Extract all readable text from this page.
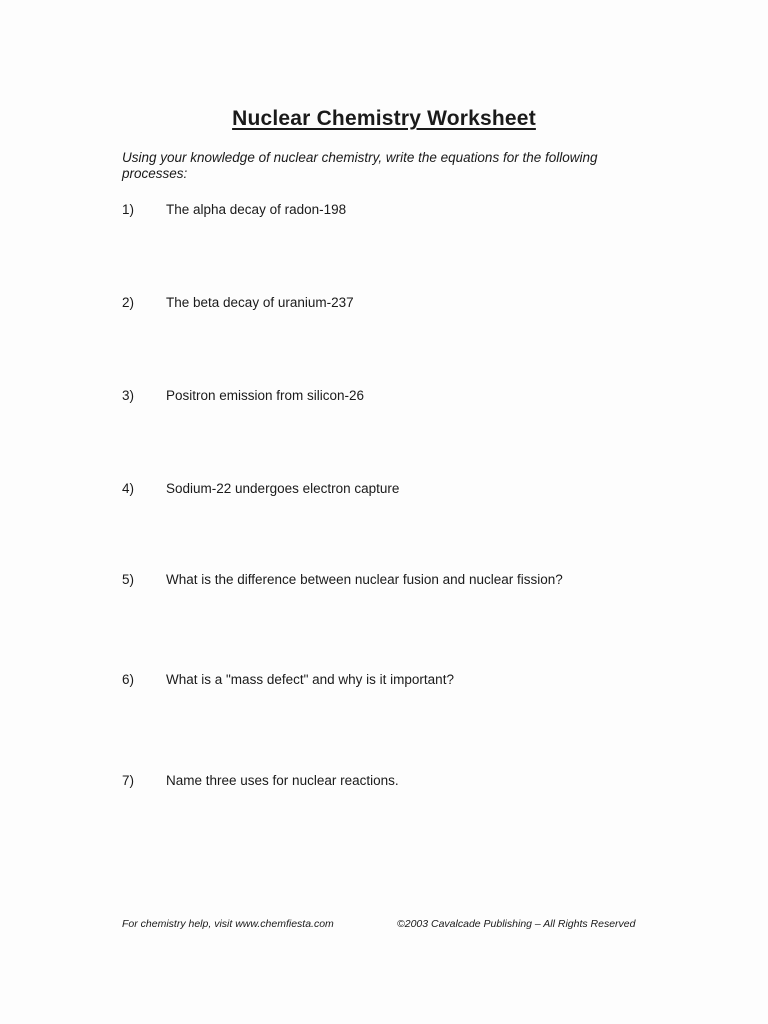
Nuclear Chemistry Worksheet
Using your knowledge of nuclear chemistry, write the equations for the following processes:
1) The alpha decay of radon-198
2) The beta decay of uranium-237
3) Positron emission from silicon-26
4) Sodium-22 undergoes electron capture
5) What is the difference between nuclear fusion and nuclear fission?
6) What is a "mass defect" and why is it important?
7) Name three uses for nuclear reactions.
For chemistry help, visit www.chemfiesta.com	©2003 Cavalcade Publishing – All Rights Reserved
